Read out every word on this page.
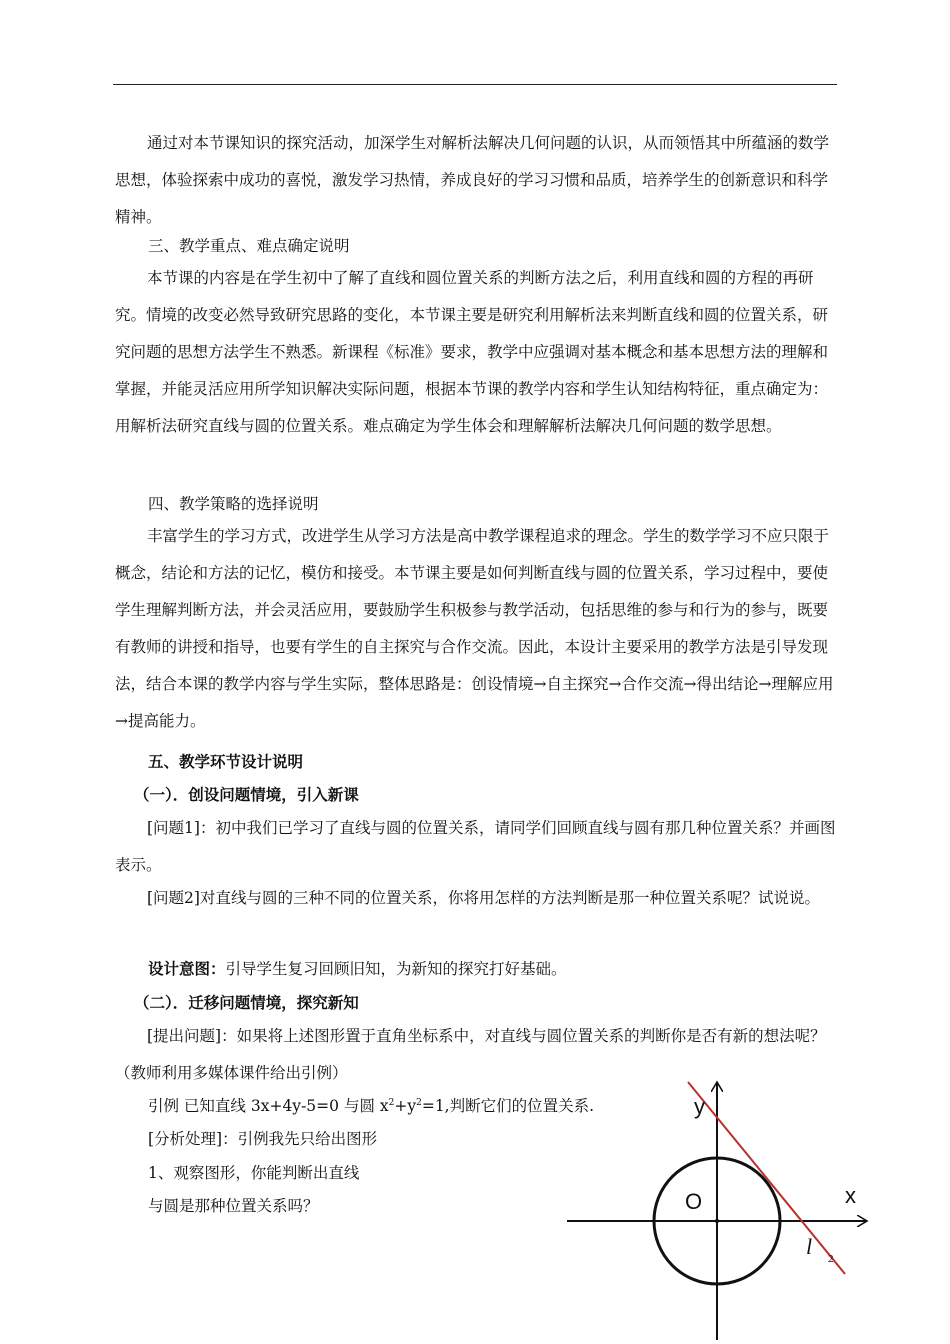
通过对本节课知识的探究活动，加深学生对解析法解决几何问题的认识，从而领悟其中所蕴涵的数学思想，体验探索中成功的喜悦，激发学习热情，养成良好的学习习惯和品质，培养学生的创新意识和科学精神。
三、教学重点、难点确定说明
本节课的内容是在学生初中了解了直线和圆位置关系的判断方法之后，利用直线和圆的方程的再研究。情境的改变必然导致研究思路的变化，本节课主要是研究利用解析法来判断直线和圆的位置关系，研究问题的思想方法学生不熟悉。新课程《标准》要求，教学中应强调对基本概念和基本思想方法的理解和掌握，并能灵活应用所学知识解决实际问题，根据本节课的教学内容和学生认知结构特征，重点确定为：用解析法研究直线与圆的位置关系。难点确定为学生体会和理解解析法解决几何问题的数学思想。
四、教学策略的选择说明
丰富学生的学习方式，改进学生从学习方法是高中教学课程追求的理念。学生的数学学习不应只限于概念，结论和方法的记忆，模仿和接受。本节课主要是如何判断直线与圆的位置关系，学习过程中，要使学生理解判断方法，并会灵活应用，要鼓励学生积极参与教学活动，包括思维的参与和行为的参与，既要有教师的讲授和指导，也要有学生的自主探究与合作交流。因此，本设计主要采用的教学方法是引导发现法，结合本课的教学内容与学生实际，整体思路是：创设情境→自主探究→合作交流→得出结论→理解应用→提高能力。
五、教学环节设计说明
（一）．创设问题情境，引入新课
[问题1]：初中我们已学习了直线与圆的位置关系，请同学们回顾直线与圆有那几种位置关系？并画图表示。
[问题2]对直线与圆的三种不同的位置关系，你将用怎样的方法判断是那一种位置关系呢？试说说。
设计意图：引导学生复习回顾旧知，为新知的探究打好基础。
（二）．迁移问题情境，探究新知
[提出问题]：如果将上述图形置于直角坐标系中，对直线与圆位置关系的判断你是否有新的想法呢？（教师利用多媒体课件给出引例）
引例 已知直线 3x+4y-5=0 与圆 $x^2+y^2=1$,判断它们的位置关系.
[分析处理]：引例我先只给出图形
1、观察图形，你能判断出直线
与圆是那种位置关系吗？
y
x
O
l 2
